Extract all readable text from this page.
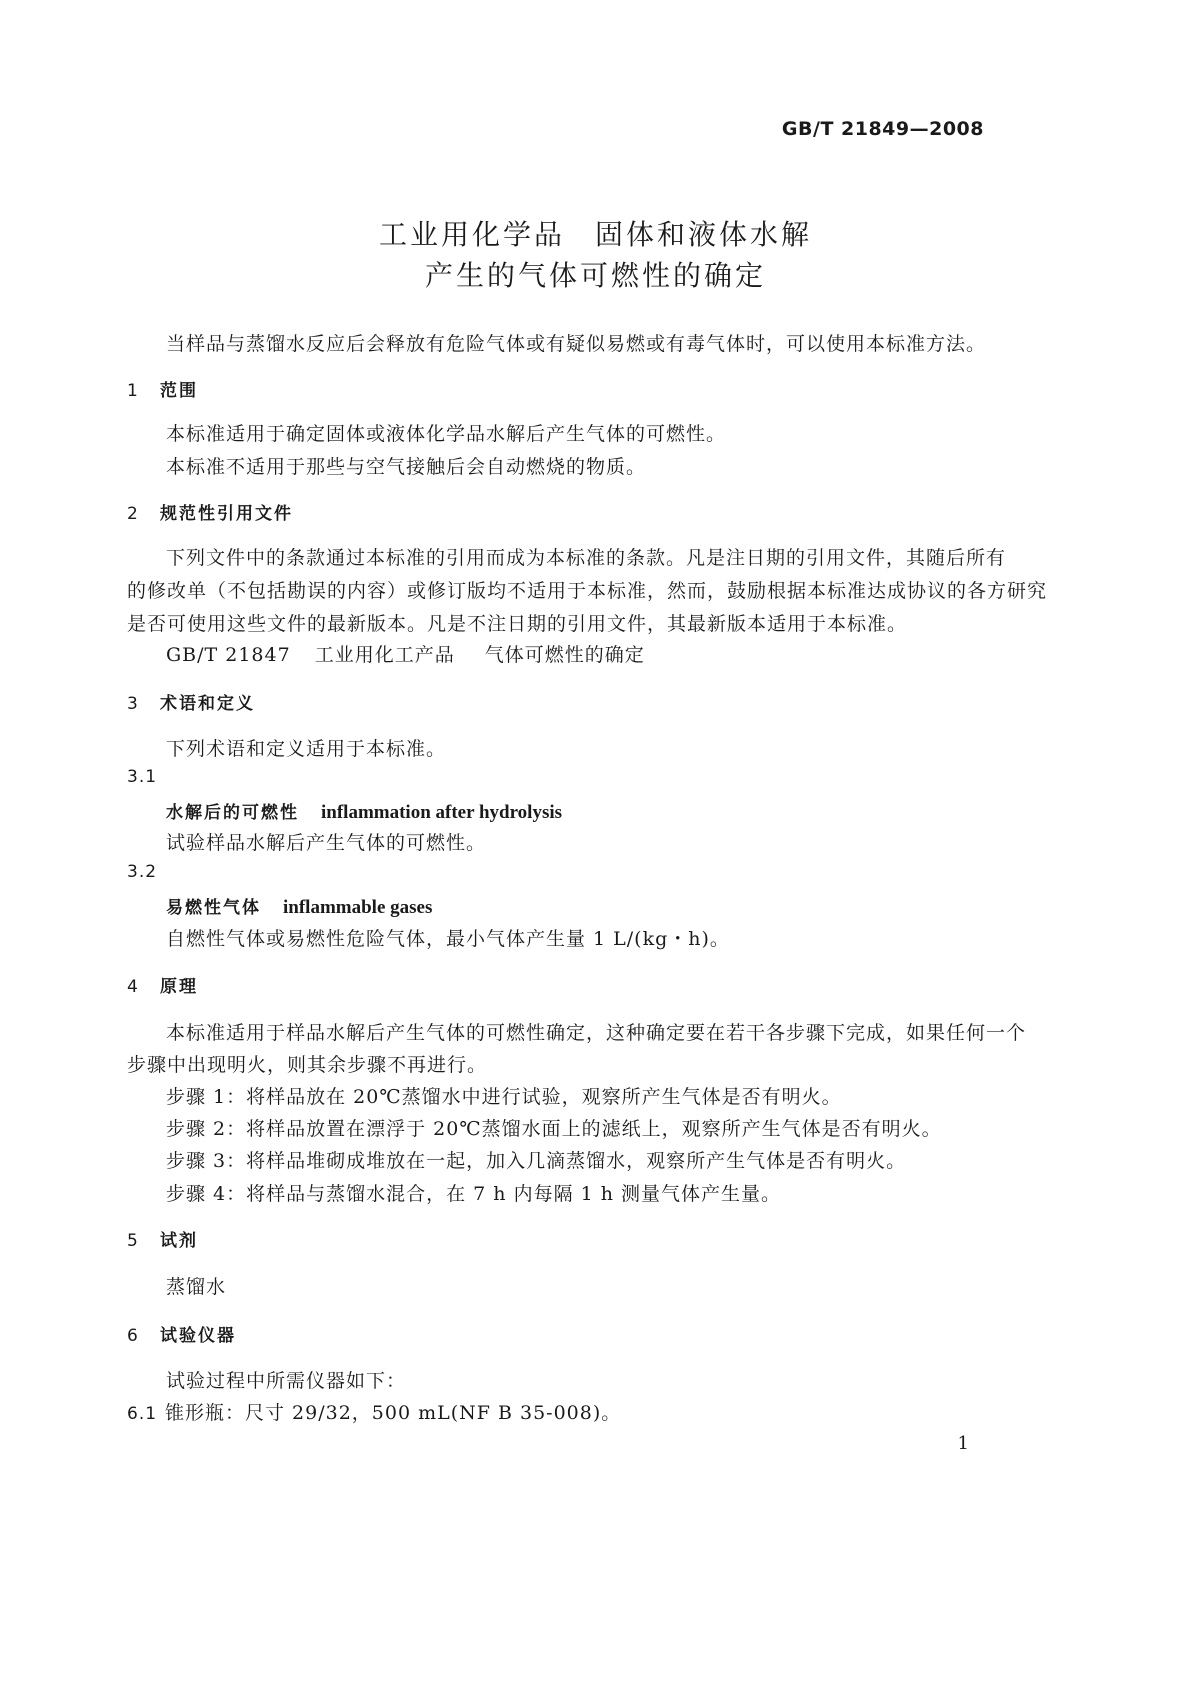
GB/T 21849—2008
工业用化学品 固体和液体水解
产生的气体可燃性的确定
当样品与蒸馏水反应后会释放有危险气体或有疑似易燃或有毒气体时，可以使用本标准方法。
1 范围
本标准适用于确定固体或液体化学品水解后产生气体的可燃性。
本标准不适用于那些与空气接触后会自动燃烧的物质。
2 规范性引用文件
下列文件中的条款通过本标准的引用而成为本标准的条款。凡是注日期的引用文件，其随后所有
的修改单（不包括勘误的内容）或修订版均不适用于本标准，然而，鼓励根据本标准达成协议的各方研究
是否可使用这些文件的最新版本。凡是不注日期的引用文件，其最新版本适用于本标准。
GB/T 21847 工业用化工产品 气体可燃性的确定
3 术语和定义
下列术语和定义适用于本标准。
3.1
水解后的可燃性 inflammation after hydrolysis
试验样品水解后产生气体的可燃性。
3.2
易燃性气体 inflammable gases
自燃性气体或易燃性危险气体，最小气体产生量 1 L/(kg・h)。
4 原理
本标准适用于样品水解后产生气体的可燃性确定，这种确定要在若干各步骤下完成，如果任何一个
步骤中出现明火，则其余步骤不再进行。
步骤 1：将样品放在 20℃蒸馏水中进行试验，观察所产生气体是否有明火。
步骤 2：将样品放置在漂浮于 20℃蒸馏水面上的滤纸上，观察所产生气体是否有明火。
步骤 3：将样品堆砌成堆放在一起，加入几滴蒸馏水，观察所产生气体是否有明火。
步骤 4：将样品与蒸馏水混合，在 7 h 内每隔 1 h 测量气体产生量。
5 试剂
蒸馏水
6 试验仪器
试验过程中所需仪器如下：
6.1 锥形瓶：尺寸 29/32，500 mL(NF B 35-008)。
1
